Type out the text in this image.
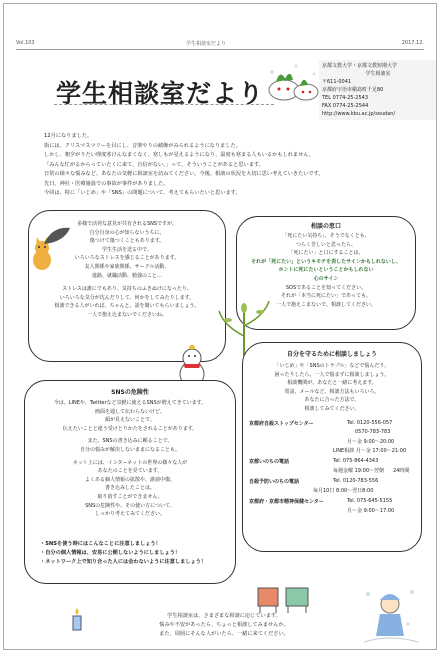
Vol.103	学生相談室だより	2017.12.
学生相談室だより
京都文教大学・京都文教短期大学
学生相談室
〒611-0041
京都府宇治市槇島町千足80
TEL 0774-25-2543
FAX 0774-25-2544
http://www.kbu.ac.jp/soudan/
12月になりました。
街には、クリスマスツリーを目にし、音楽やりの緒飾がみられるようになりました。
しかし、朝夕がりたい理度寒けんなまくなく、寒しもが見えるようになり、温度も寒まる人もいるかもしれません。
「みんな忙がるからっていたくに来て、自信がない。」って、そういうことがあると思います。
日常の様々な悩みなど、あなたの気軽に相談室を訪ねてください。今後、相談の状況を大切に思い考えていきたいです。
先日、神社・医療施設での事故が事件がありました。
今回は、特に「いじめ」や「SNS」の問題について、考えてもらいたいと思います。
多様で活発な意見が共有されるSNSですが、
自分自身の心が知らないうちに、
傷つけて傷つくこともあります。
学生生活を送る中で、
いろいろなストレスを感じることがあります。
友人関係や家族関係、サークル活動、
進路、就職活動、勉強のこと…
ストレスは誰にでもあり、気持ちのふきぬけになったり、
いろいろな気分が沈んだりして、何かをしてみたりします。
相談できる人がいれば、ちゃんと、話を聞いてもらいましょう。
一人で抱え込まないでくださいね。
相談の窓口
「死にたい気持ち」、そうでなくとも、
つらく苦しいと思ったら、
「死にたい」と口にすることは、
それが「死にたい」というキモチを表したサインかもしれないし、
ホントに死にたいということかもしれない
心のサイン
SOSであることを知ってください。
それが「本当に死にたい」であっても、
一人で抱えこまないで、相談してください。
SNSの危険性
今は、LINEや、Twitterなど気軽に使えるSNSが増えてきています。
画面を通して伝わらないけど、
顔が見えないことで、
伝えたいことと違う受けとりかたをされることがあります。
また、SNSの書き込みに頼ることで、
自分の悩みが解決しないままになることも。
ネット上には、インターネットの世界の様々な人が
あなたのことを見ています。
よくある個人情報の拡散や、誹謗中傷、
書き込みしたことは、
取り消すことができません。
SNSの危険性や、その使い方について、
しっかり考えてみてください。
・SNSを使う時にはこんなことに注意しましょう！
・自分の個人情報は、安易に公開しないようにしましょう！
・ネットワーク上で知り合った人には会わないように注意しましょう！
自分を守るために相談しましょう
「いじめ」や「SNSのトラブル」などで悩んだり、
困ったりしたら、一人で悩まずに相談しましょう。
相談機関が、あなたと一緒に考えます。
電話、メールなど、相談方法もいろいろ。
あなたに合った方法で、
相談してみてください。
京都府自殺ストップセンター	Tel. 0120-556-057
0570-783-783
月～金 9:00～20:00
LINE相談 月～金 17:00～21:00
京都いのちの電話	Tel. 075-864-4343
24時間
毎週金曜 19:00～翌朝
自殺予防いのちの電話	Tel. 0120-783-556
毎月10日 8:00～翌日8:00
京都府・京都市精神保健センター	Tel. 075-645-5155
月～金 9:00～17:00
学生相談室は、さまざまな相談に応じています。
悩みや不安があったら、ちょっと相談してみませんか。
また、周囲にそんな人がいたら、一緒に来てください。
